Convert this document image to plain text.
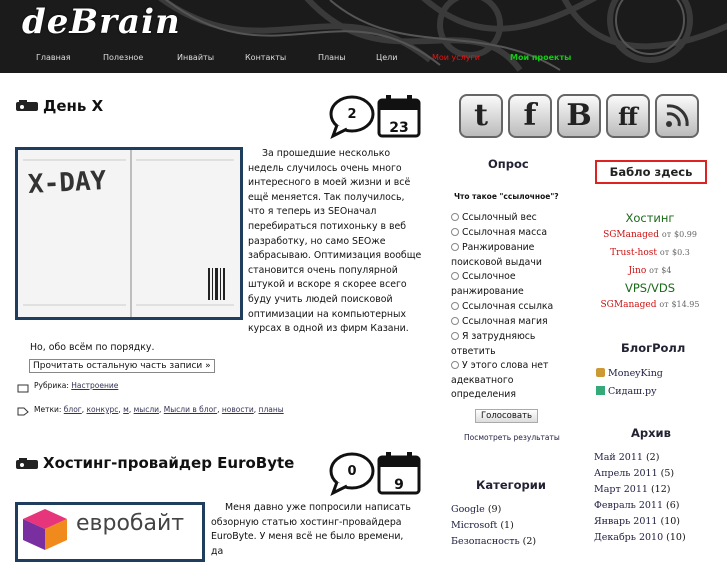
deBrain
Главная	Полезное	Инвайты	Контакты	Планы	Цели	Мои услуги	Мои проекты
День X	2
23
X-DAY
За прошедшие несколько недель случилось очень много интересного в моей жизни и всё ещё меняется. Так получилось, что я теперь из SEOначал перебираться потихоньку в веб разработку, но само SEOже забрасываю. Оптимизация вообще становится очень популярной штукой и вскоре я скорее всего буду учить людей поисковой оптимизации на компьютерных курсах в одной из фирм Казани.
Но, обо всём по порядку.
Прочитать остальную часть записи »
Рубрика: Настроение
Метки: блог, конкурс, м, мысли, Мысли в блог, новости, планы
Хостинг-провайдер EuroByte	0
9
евробайт
Меня давно уже попросили написать обзорную статью хостинг-провайдера EuroByte. У меня всё не было времени, да
t	f B	ff
Опрос
Что такое "ссылочное"?
Ссылочный вес
Ссылочная масса
Ранжирование поисковой выдачи
Ссылочное ранжирование
Ссылочная ссылка
Ссылочная магия
Я затрудняюсь ответить
У этого слова нет адекватного определения
Голосовать
Посмотреть результаты
Категории
Google (9)
Microsoft (1)
Безопасность (2)
Бабло здесь
Хостинг
SGManaged от $0.99
Trust-host от $0.3
Jino от $4
VPS/VDS
SGManaged от $14.95
БлогРолл
MoneyKing
Сидаш.ру
Архив
Май 2011 (2)
Апрель 2011 (5)
Март 2011 (12)
Февраль 2011 (6)
Январь 2011 (10)
Декабрь 2010 (10)
